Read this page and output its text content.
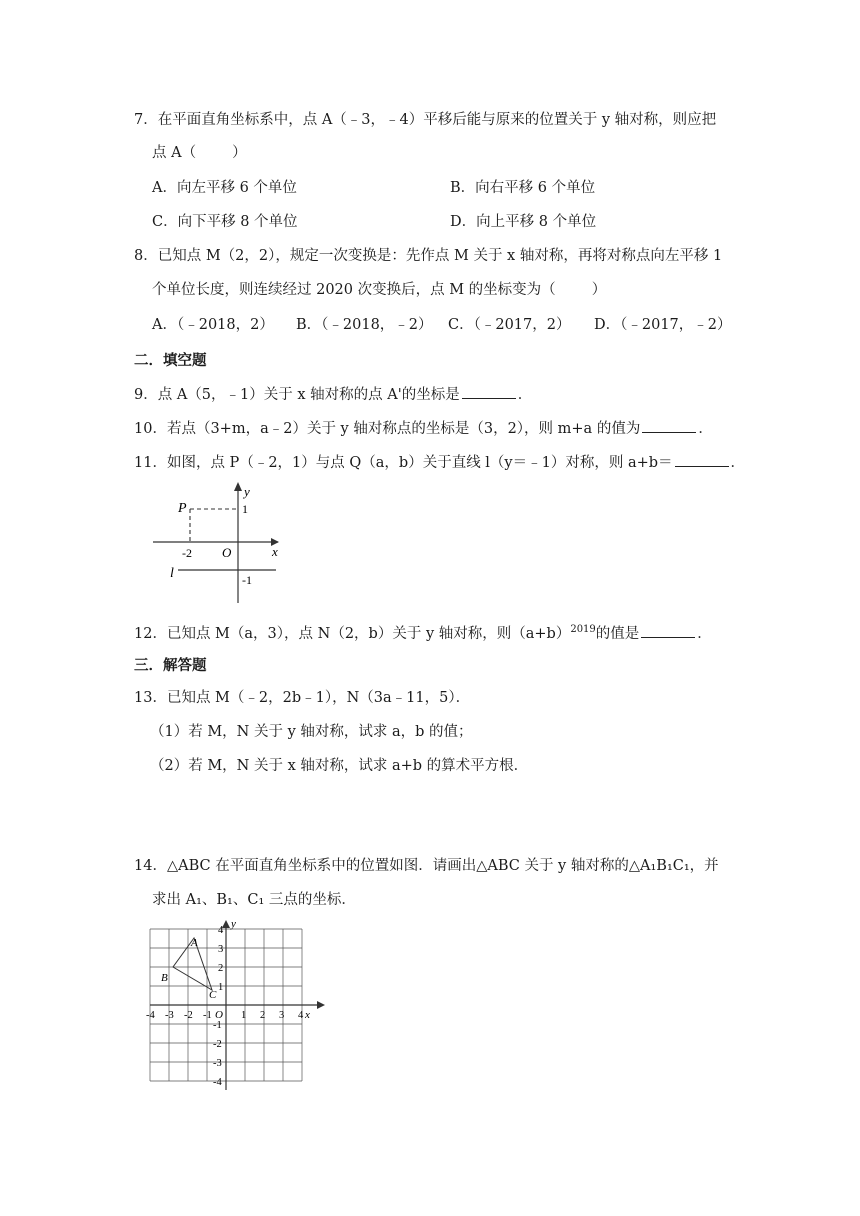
7．在平面直角坐标系中，点 A（﹣3，﹣4）平移后能与原来的位置关于 y 轴对称，则应把
点 A（ ）
A．向左平移 6 个单位	B．向右平移 6 个单位
C．向下平移 8 个单位	D．向上平移 8 个单位
8．已知点 M（2，2），规定一次变换是：先作点 M 关于 x 轴对称，再将对称点向左平移 1
个单位长度，则连续经过 2020 次变换后，点 M 的坐标变为（ ）
A．（﹣2018，2） B．（﹣2018，﹣2） C．（﹣2017，2） D．（﹣2017，﹣2）
二．填空题
9．点 A（5，﹣1）关于 x 轴对称的点 A'的坐标是	．
10．若点（3+m，a﹣2）关于 y 轴对称点的坐标是（3，2），则 m+a 的值为	．
11．如图，点 P（﹣2，1）与点 Q（a，b）关于直线 l（y＝﹣1）对称，则 a+b＝	．
P
y
x
O
l
1
-2
-1
12．已知点 M（a，3），点 N（2，b）关于 y 轴对称，则$(a+b)^{2019}$的值是	．
三．解答题
13．已知点 M（﹣2，2b﹣1），N（3a﹣11，5）．
（1）若 M，N 关于 y 轴对称，试求 a，b 的值；
（2）若 M，N 关于 x 轴对称，试求 a+b 的算术平方根．
14．△ABC 在平面直角坐标系中的位置如图．请画出△ABC 关于 y 轴对称的△A₁B₁C₁，并
求出 A₁、B₁、C₁ 三点的坐标．
A
B
C
y
x
O
-4 -3 -2 -1	1 2 3 4
4
3
2
1
-1
-2
-3
-4
